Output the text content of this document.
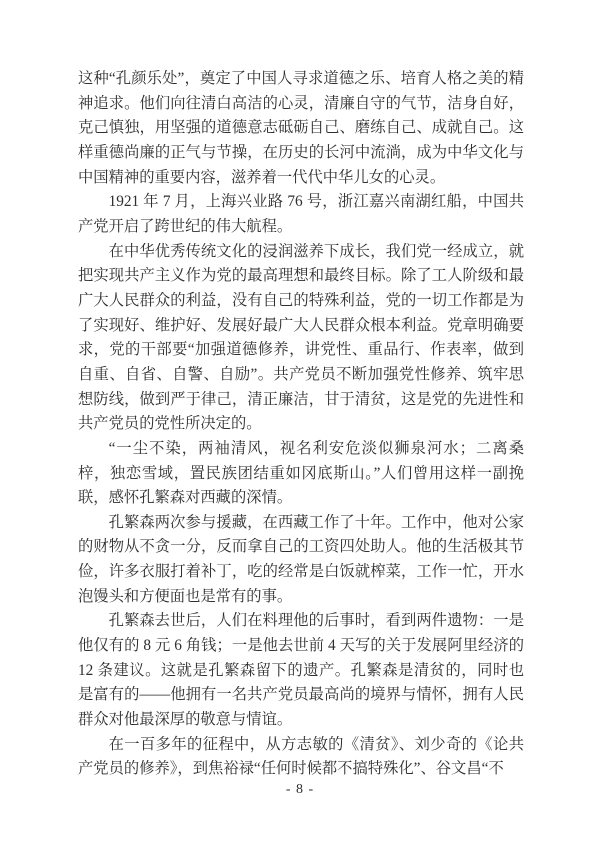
这种“孔颜乐处”，奠定了中国人寻求道德之乐、培育人格之美的精神追求。他们向往清白高洁的心灵，清廉自守的气节，洁身自好，克己慎独，用坚强的道德意志砥砺自己、磨练自己、成就自己。这样重德尚廉的正气与节操，在历史的长河中流淌，成为中华文化与中国精神的重要内容，滋养着一代代中华儿女的心灵。

1921 年 7 月，上海兴业路 76 号，浙江嘉兴南湖红船，中国共产党开启了跨世纪的伟大航程。

在中华优秀传统文化的浸润滋养下成长，我们党一经成立，就把实现共产主义作为党的最高理想和最终目标。除了工人阶级和最广大人民群众的利益，没有自己的特殊利益，党的一切工作都是为了实现好、维护好、发展好最广大人民群众根本利益。党章明确要求，党的干部要“加强道德修养，讲党性、重品行、作表率，做到自重、自省、自警、自励”。共产党员不断加强党性修养、筑牢思想防线，做到严于律己，清正廉洁，甘于清贫，这是党的先进性和共产党员的党性所决定的。

“一尘不染，两袖清风，视名利安危淡似狮泉河水；二离桑梓，独恋雪域，置民族团结重如冈底斯山。”人们曾用这样一副挽联，感怀孔繁森对西藏的深情。

孔繁森两次参与援藏，在西藏工作了十年。工作中，他对公家的财物从不贪一分，反而拿自己的工资四处助人。他的生活极其节俭，许多衣服打着补丁，吃的经常是白饭就榨菜，工作一忙，开水泡馒头和方便面也是常有的事。

孔繁森去世后，人们在料理他的后事时，看到两件遗物：一是他仅有的 8 元 6 角钱；一是他去世前 4 天写的关于发展阿里经济的 12 条建议。这就是孔繁森留下的遗产。孔繁森是清贫的，同时也是富有的——他拥有一名共产党员最高尚的境界与情怀，拥有人民群众对他最深厚的敬意与情谊。

在一百多年的征程中，从方志敏的《清贫》、刘少奇的《论共产党员的修养》，到焦裕禄“任何时候都不搞特殊化”、谷文昌“不

- 8 -
